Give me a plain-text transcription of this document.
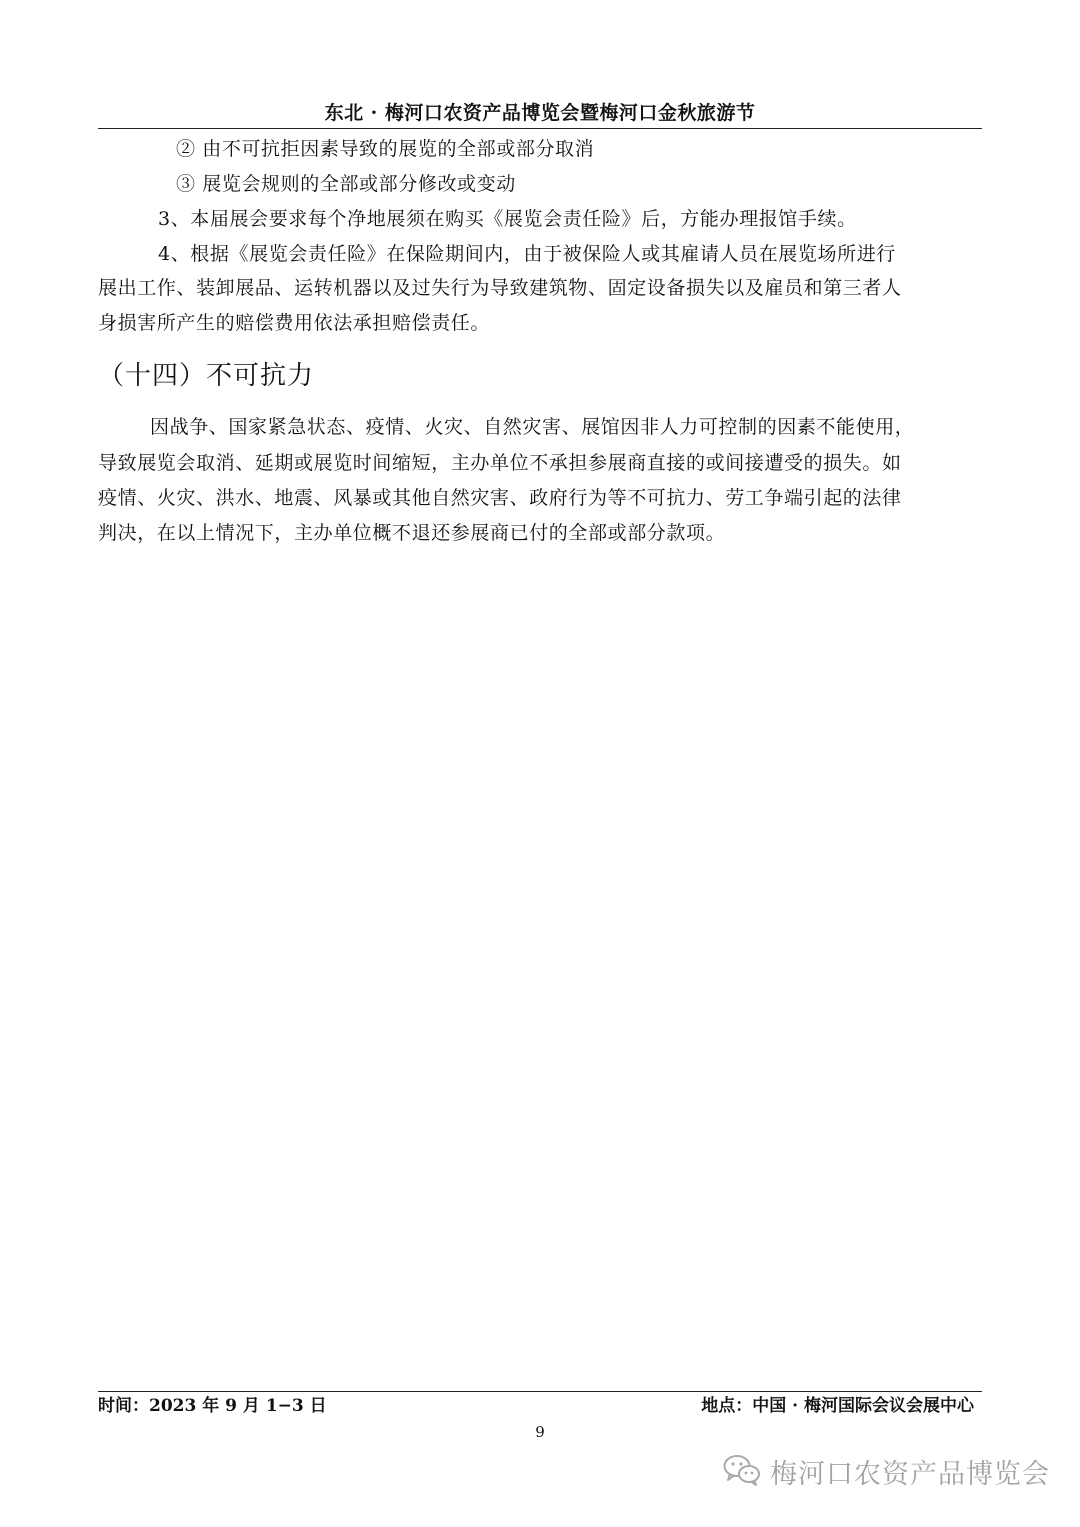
东北 · 梅河口农资产品博览会暨梅河口金秋旅游节
② 由不可抗拒因素导致的展览的全部或部分取消
③ 展览会规则的全部或部分修改或变动
3、本届展会要求每个净地展须在购买《展览会责任险》后，方能办理报馆手续。
4、根据《展览会责任险》在保险期间内，由于被保险人或其雇请人员在展览场所进行
展出工作、装卸展品、运转机器以及过失行为导致建筑物、固定设备损失以及雇员和第三者人
身损害所产生的赔偿费用依法承担赔偿责任。
（十四）不可抗力
因战争、国家紧急状态、疫情、火灾、自然灾害、展馆因非人力可控制的因素不能使用，
导致展览会取消、延期或展览时间缩短，主办单位不承担参展商直接的或间接遭受的损失。如
疫情、火灾、洪水、地震、风暴或其他自然灾害、政府行为等不可抗力、劳工争端引起的法律
判决，在以上情况下，主办单位概不退还参展商已付的全部或部分款项。
时间：2023 年 9 月 1−3 日	地点：中国 · 梅河国际会议会展中心
9
梅河口农资产品博览会
